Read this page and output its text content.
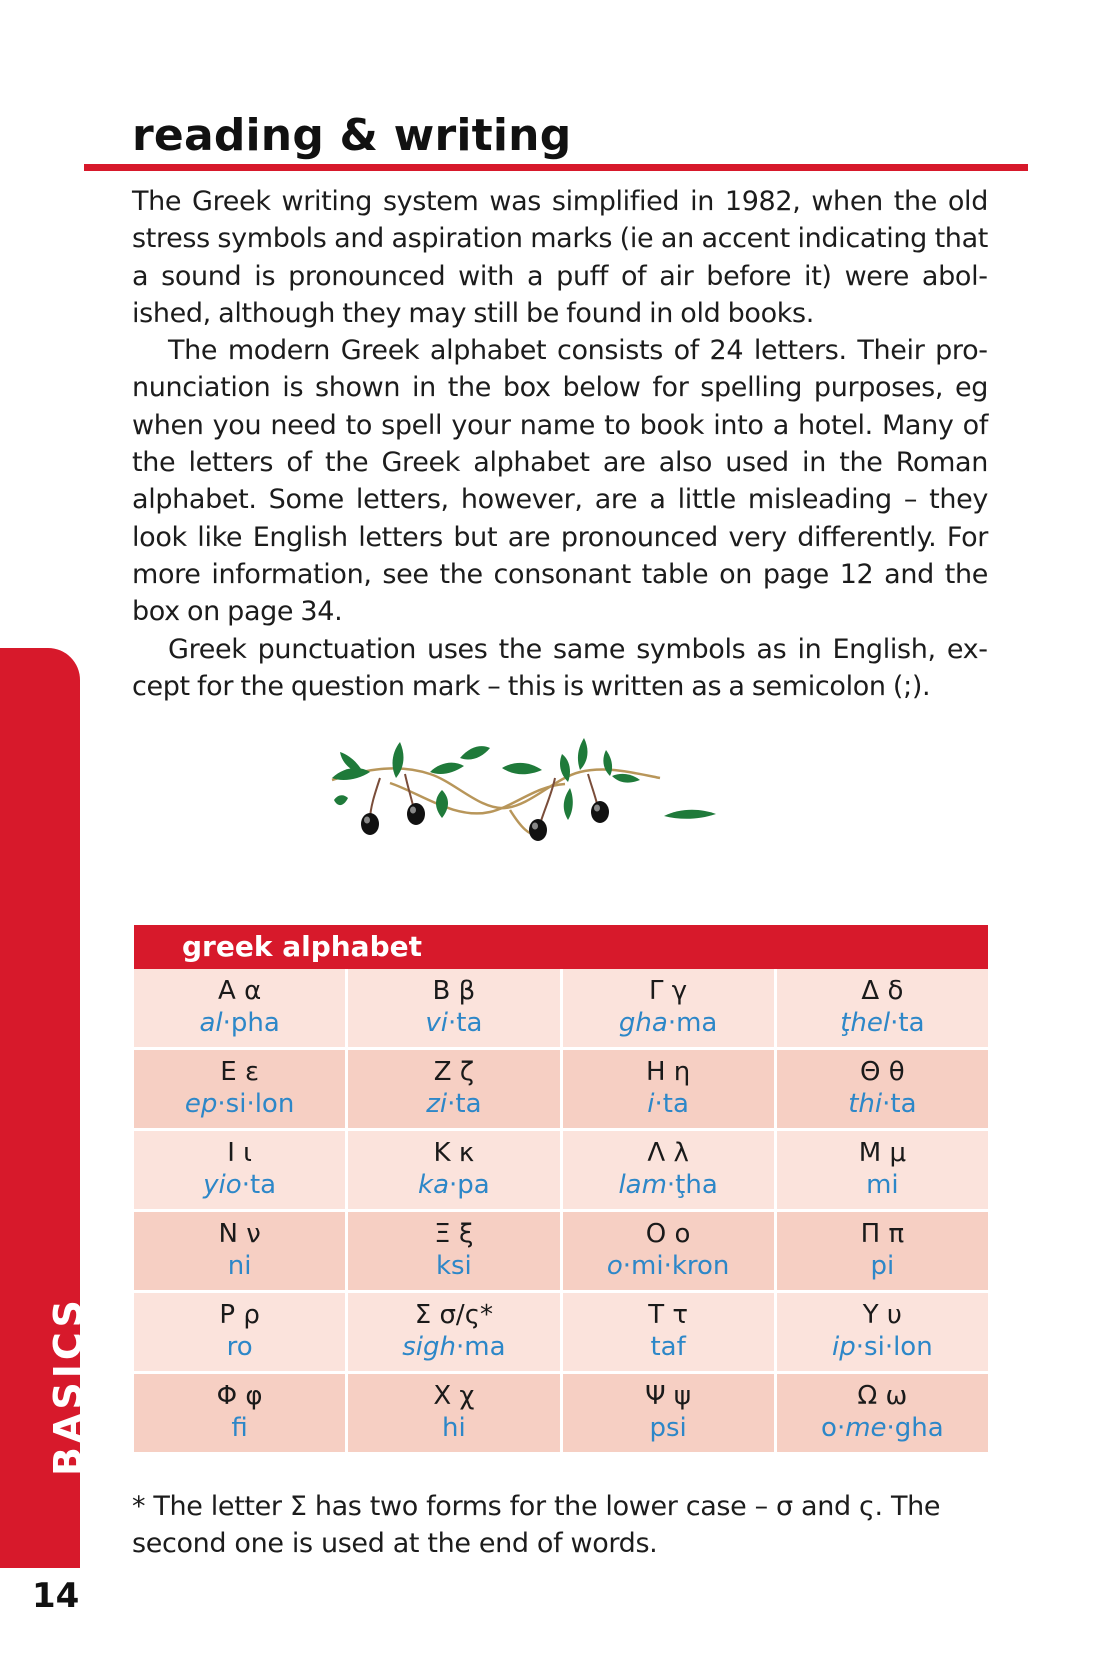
reading & writing

The Greek writing system was simplified in 1982, when the old stress symbols and aspiration marks (ie an accent indicating that a sound is pronounced with a puff of air before it) were abolished, although they may still be found in old books.

The modern Greek alphabet consists of 24 letters. Their pronunciation is shown in the box below for spelling purposes, eg when you need to spell your name to book into a hotel. Many of the letters of the Greek alphabet are also used in the Roman alphabet. Some letters, however, are a little misleading – they look like English letters but are pronounced very differently. For more information, see the consonant table on page 12 and the box on page 34.

Greek punctuation uses the same symbols as in English, except for the question mark – this is written as a semicolon (;).

greek alphabet
Α α
al·pha
Β β
vi·ta
Γ γ
gha·ma
Δ δ
ţhel·ta
Ε ε
ep·si·lon
Ζ ζ
zi·ta
Η η
i·ta
Θ θ
thi·ta
Ι ι
yio·ta
Κ κ
ka·pa
Λ λ
lam·ţha
Μ μ
mi
Ν ν
ni
Ξ ξ
ksi
Ο ο
o·mi·kron
Π π
pi
Ρ ρ
ro
Σ σ/ς*
sigh·ma
Τ τ
taf
Υ υ
ip·si·lon
Φ φ
fi
Χ χ
hi
Ψ ψ
psi
Ω ω
o·me·gha
* The letter Σ has two forms for the lower case – σ and ς. The second one is used at the end of words.
BASICS
14
